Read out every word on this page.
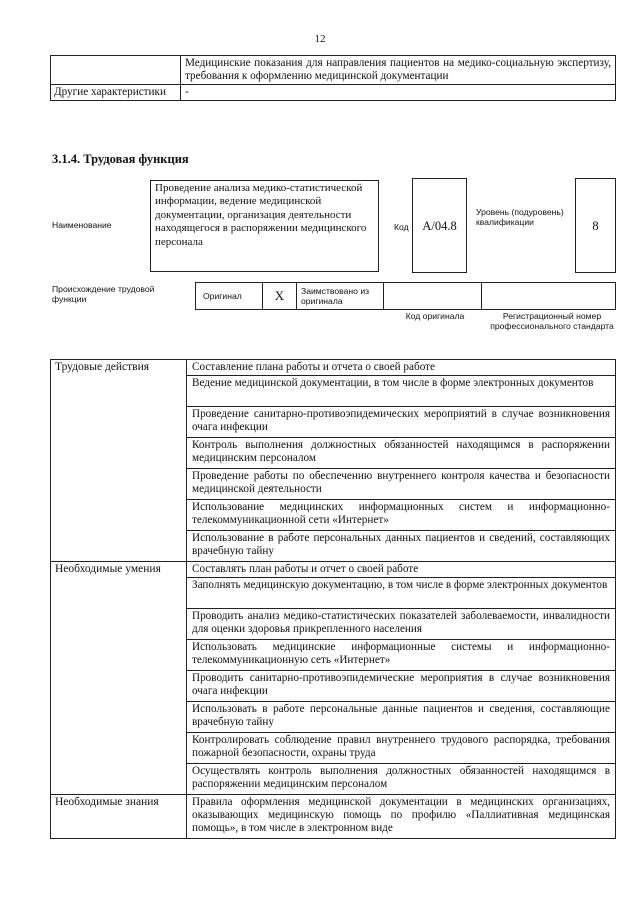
12
	Медицинские показания для направления пациентов на медико-социальную экспертизу, требования к оформлению медицинской документации
Другие характеристики	-
3.1.4. Трудовая функция
Наименование
Проведение анализа медико-статистической информации, ведение медицинской документации, организация деятельности находящегося в распоряжении медицинского персонала
Код	A/04.8
Уровень (подуровень) квалификации	8
Происхождение трудовой функции	Оригинал	X	Заимствовано из оригинала		
Код оригинала	Регистрационный номер профессионального стандарта
Трудовые действия	Составление плана работы и отчета о своей работе
	Ведение медицинской документации, в том числе в форме электронных документов
	Проведение санитарно-противоэпидемических мероприятий в случае возникновения очага инфекции
	Контроль выполнения должностных обязанностей находящимся в распоряжении медицинским персоналом
	Проведение работы по обеспечению внутреннего контроля качества и безопасности медицинской деятельности
	Использование медицинских информационных систем и информационно-телекоммуникационной сети «Интернет»
	Использование в работе персональных данных пациентов и сведений, составляющих врачебную тайну
Необходимые умения	Составлять план работы и отчет о своей работе
	Заполнять медицинскую документацию, в том числе в форме электронных документов
	Проводить анализ медико-статистических показателей заболеваемости, инвалидности для оценки здоровья прикрепленного населения
	Использовать медицинские информационные системы и информационно-телекоммуникационную сеть «Интернет»
	Проводить санитарно-противоэпидемические мероприятия в случае возникновения очага инфекции
	Использовать в работе персональные данные пациентов и сведения, составляющие врачебную тайну
	Контролировать соблюдение правил внутреннего трудового распорядка, требования пожарной безопасности, охраны труда
	Осуществлять контроль выполнения должностных обязанностей находящимся в распоряжении медицинским персоналом
Необходимые знания	Правила оформления медицинской документации в медицинских организациях, оказывающих медицинскую помощь по профилю «Паллиативная медицинская помощь», в том числе в электронном виде
